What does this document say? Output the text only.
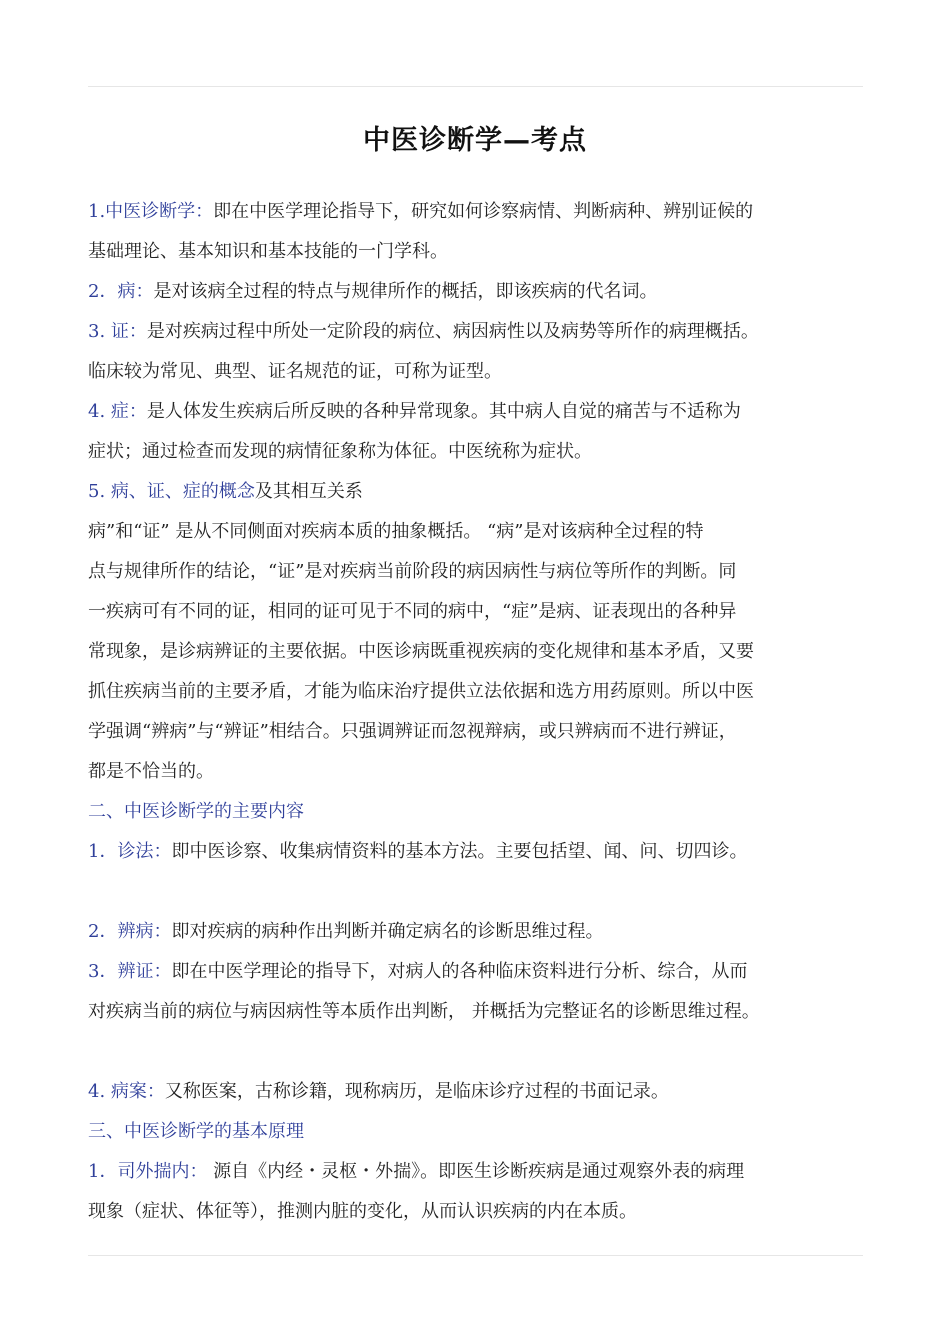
中医诊断学—考点
1.中医诊断学：即在中医学理论指导下，研究如何诊察病情、判断病种、辨别证候的
基础理论、基本知识和基本技能的一门学科。
2．病：是对该病全过程的特点与规律所作的概括，即该疾病的代名词。
3. 证：是对疾病过程中所处一定阶段的病位、病因病性以及病势等所作的病理概括。
临床较为常见、典型、证名规范的证，可称为证型。
4. 症：是人体发生疾病后所反映的各种异常现象。其中病人自觉的痛苦与不适称为
症状；通过检查而发现的病情征象称为体征。中医统称为症状。
5. 病、证、症的概念及其相互关系
病”和“证” 是从不同侧面对疾病本质的抽象概括。 “病”是对该病种全过程的特
点与规律所作的结论，“证”是对疾病当前阶段的病因病性与病位等所作的判断。同
一疾病可有不同的证，相同的证可见于不同的病中，“症”是病、证表现出的各种异
常现象，是诊病辨证的主要依据。中医诊病既重视疾病的变化规律和基本矛盾，又要
抓住疾病当前的主要矛盾，才能为临床治疗提供立法依据和选方用药原则。所以中医
学强调“辨病”与“辨证”相结合。只强调辨证而忽视辩病，或只辨病而不进行辨证，
都是不恰当的。
二、中医诊断学的主要内容
1．诊法：即中医诊察、收集病情资料的基本方法。主要包括望、闻、问、切四诊。
2．辨病：即对疾病的病种作出判断并确定病名的诊断思维过程。
3．辨证：即在中医学理论的指导下，对病人的各种临床资料进行分析、综合，从而
对疾病当前的病位与病因病性等本质作出判断， 并概括为完整证名的诊断思维过程。
4. 病案：又称医案，古称诊籍，现称病历，是临床诊疗过程的书面记录。
三、中医诊断学的基本原理
1．司外揣内： 源自《内经・灵枢・外揣》。即医生诊断疾病是通过观察外表的病理
现象（症状、体征等），推测内脏的变化，从而认识疾病的内在本质。
